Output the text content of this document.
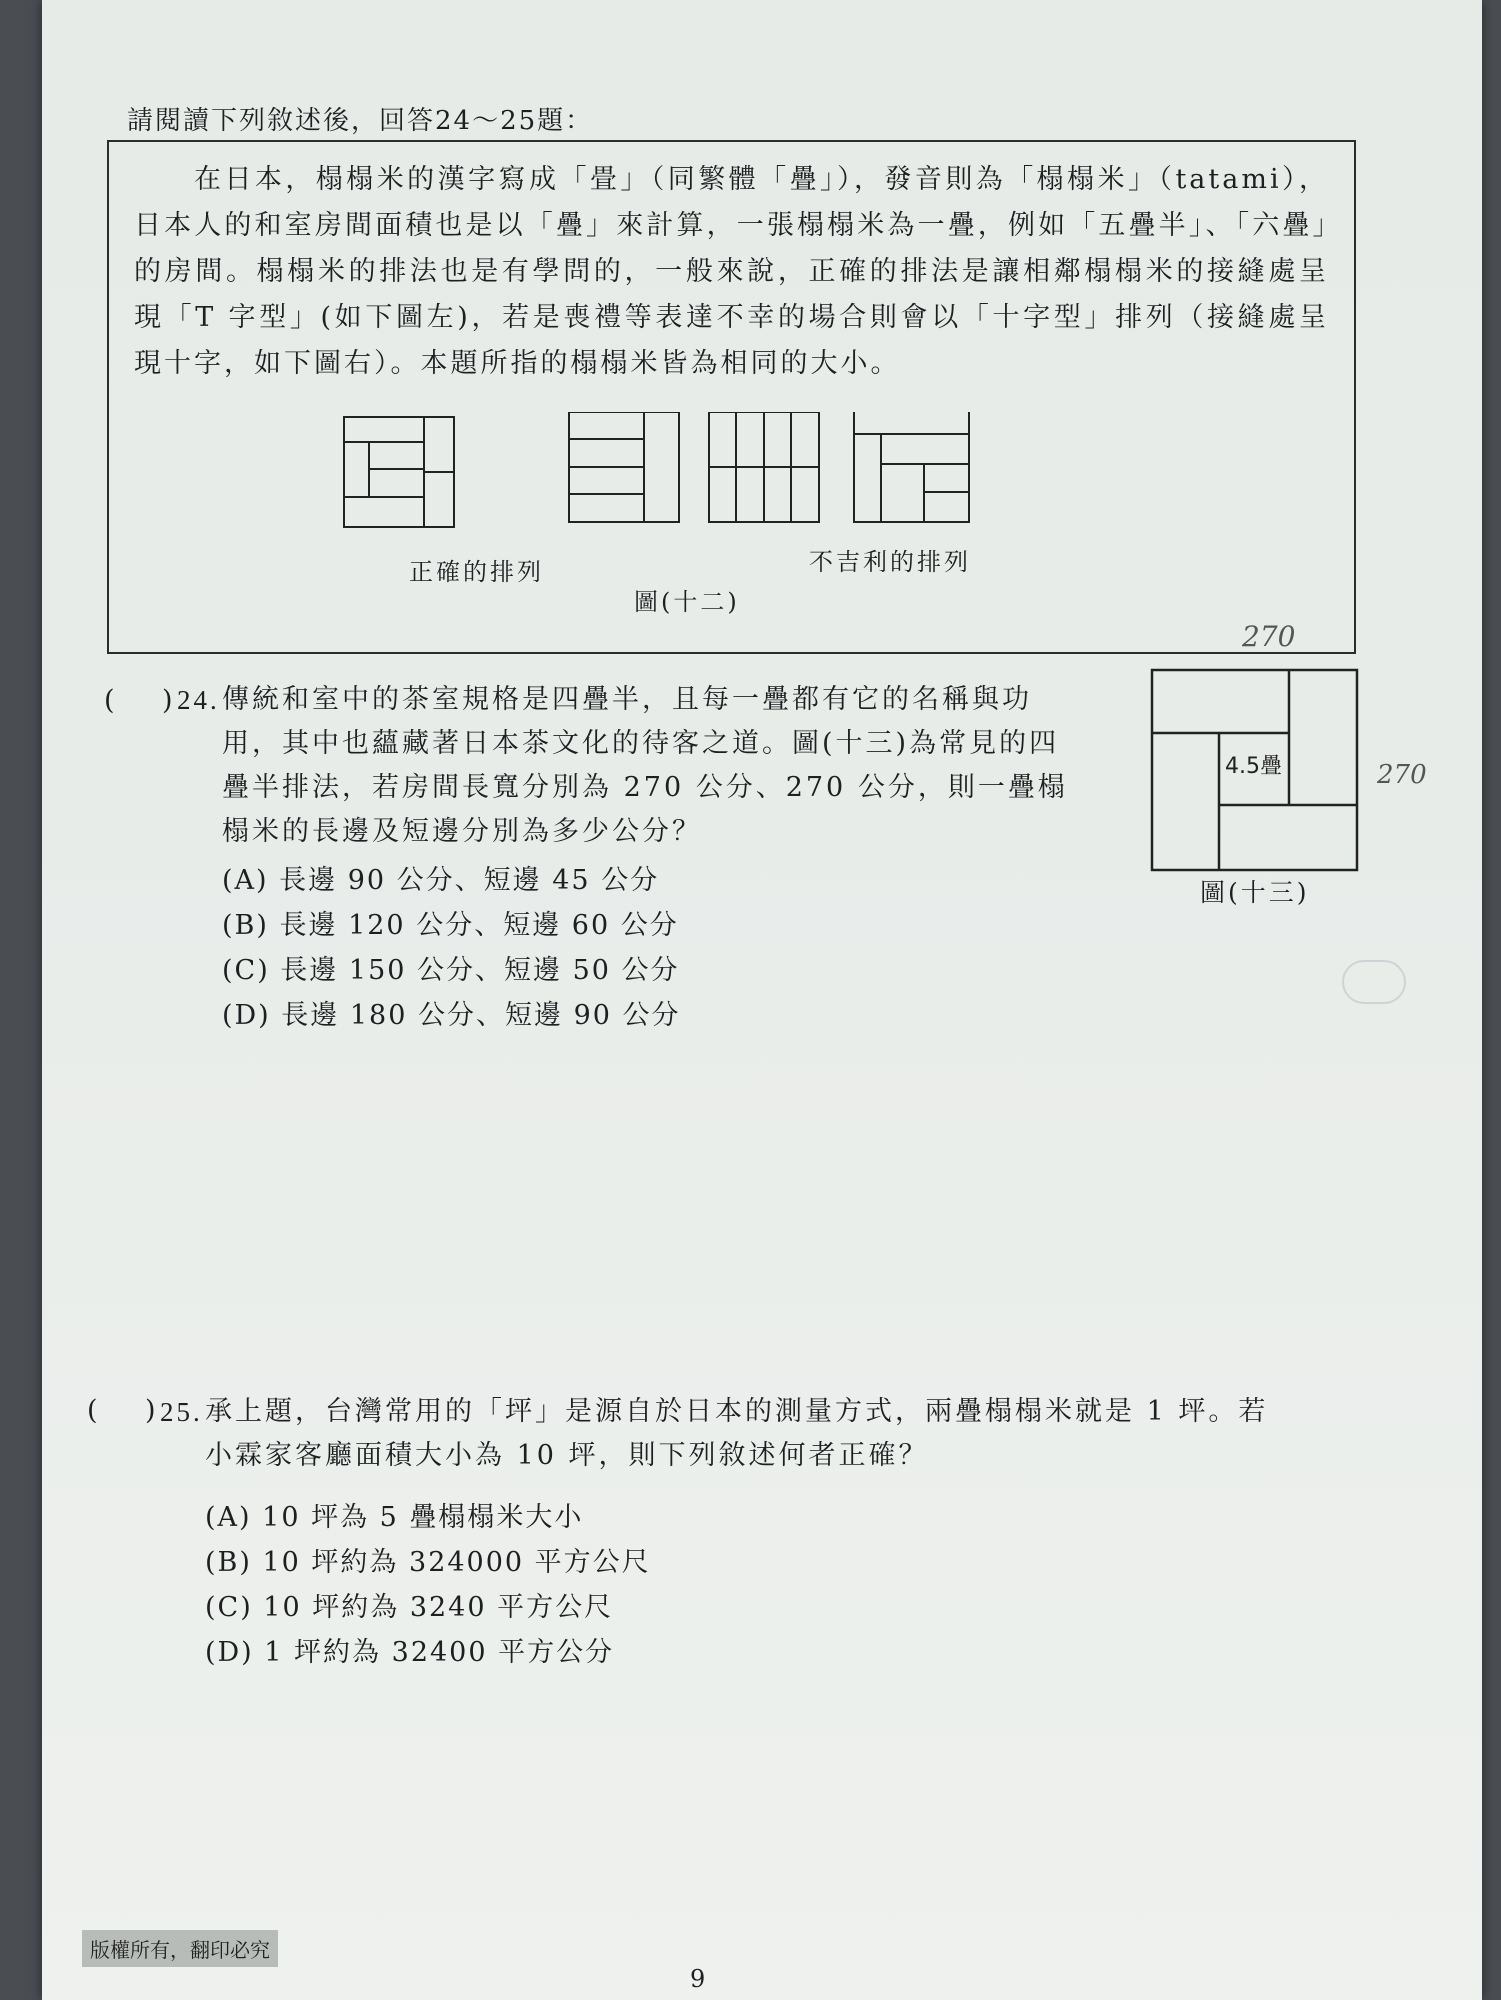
請閱讀下列敘述後，回答24～25題：

在日本，榻榻米的漢字寫成「畳」（同繁體「疊」），發音則為「榻榻米」（tatami），日本人的和室房間面積也是以「疊」來計算，一張榻榻米為一疊，例如「五疊半」、「六疊」的房間。榻榻米的排法也是有學問的，一般來說，正確的排法是讓相鄰榻榻米的接縫處呈現「T 字型」(如下圖左)，若是喪禮等表達不幸的場合則會以「十字型」排列（接縫處呈現十字，如下圖右）。本題所指的榻榻米皆為相同的大小。

正確的排列	不吉利的排列
圖(十二)
( ) 24. 傳統和室中的茶室規格是四疊半，且每一疊都有它的名稱與功
用，其中也蘊藏著日本茶文化的待客之道。圖(十三)為常見的四
疊半排法，若房間長寬分別為 270 公分、270 公分，則一疊榻
榻米的長邊及短邊分別為多少公分？
(A) 長邊 90 公分、短邊 45 公分
(B) 長邊 120 公分、短邊 60 公分
(C) 長邊 150 公分、短邊 50 公分
(D) 長邊 180 公分、短邊 90 公分
4.5疊
圖(十三)
270
270
( ) 25. 承上題，台灣常用的「坪」是源自於日本的測量方式，兩疊榻榻米就是 1 坪。若
小霖家客廳面積大小為 10 坪，則下列敘述何者正確？
(A) 10 坪為 5 疊榻榻米大小
(B) 10 坪約為 324000 平方公尺
(C) 10 坪約為 3240 平方公尺
(D) 1 坪約為 32400 平方公分
版權所有，翻印必究
9
